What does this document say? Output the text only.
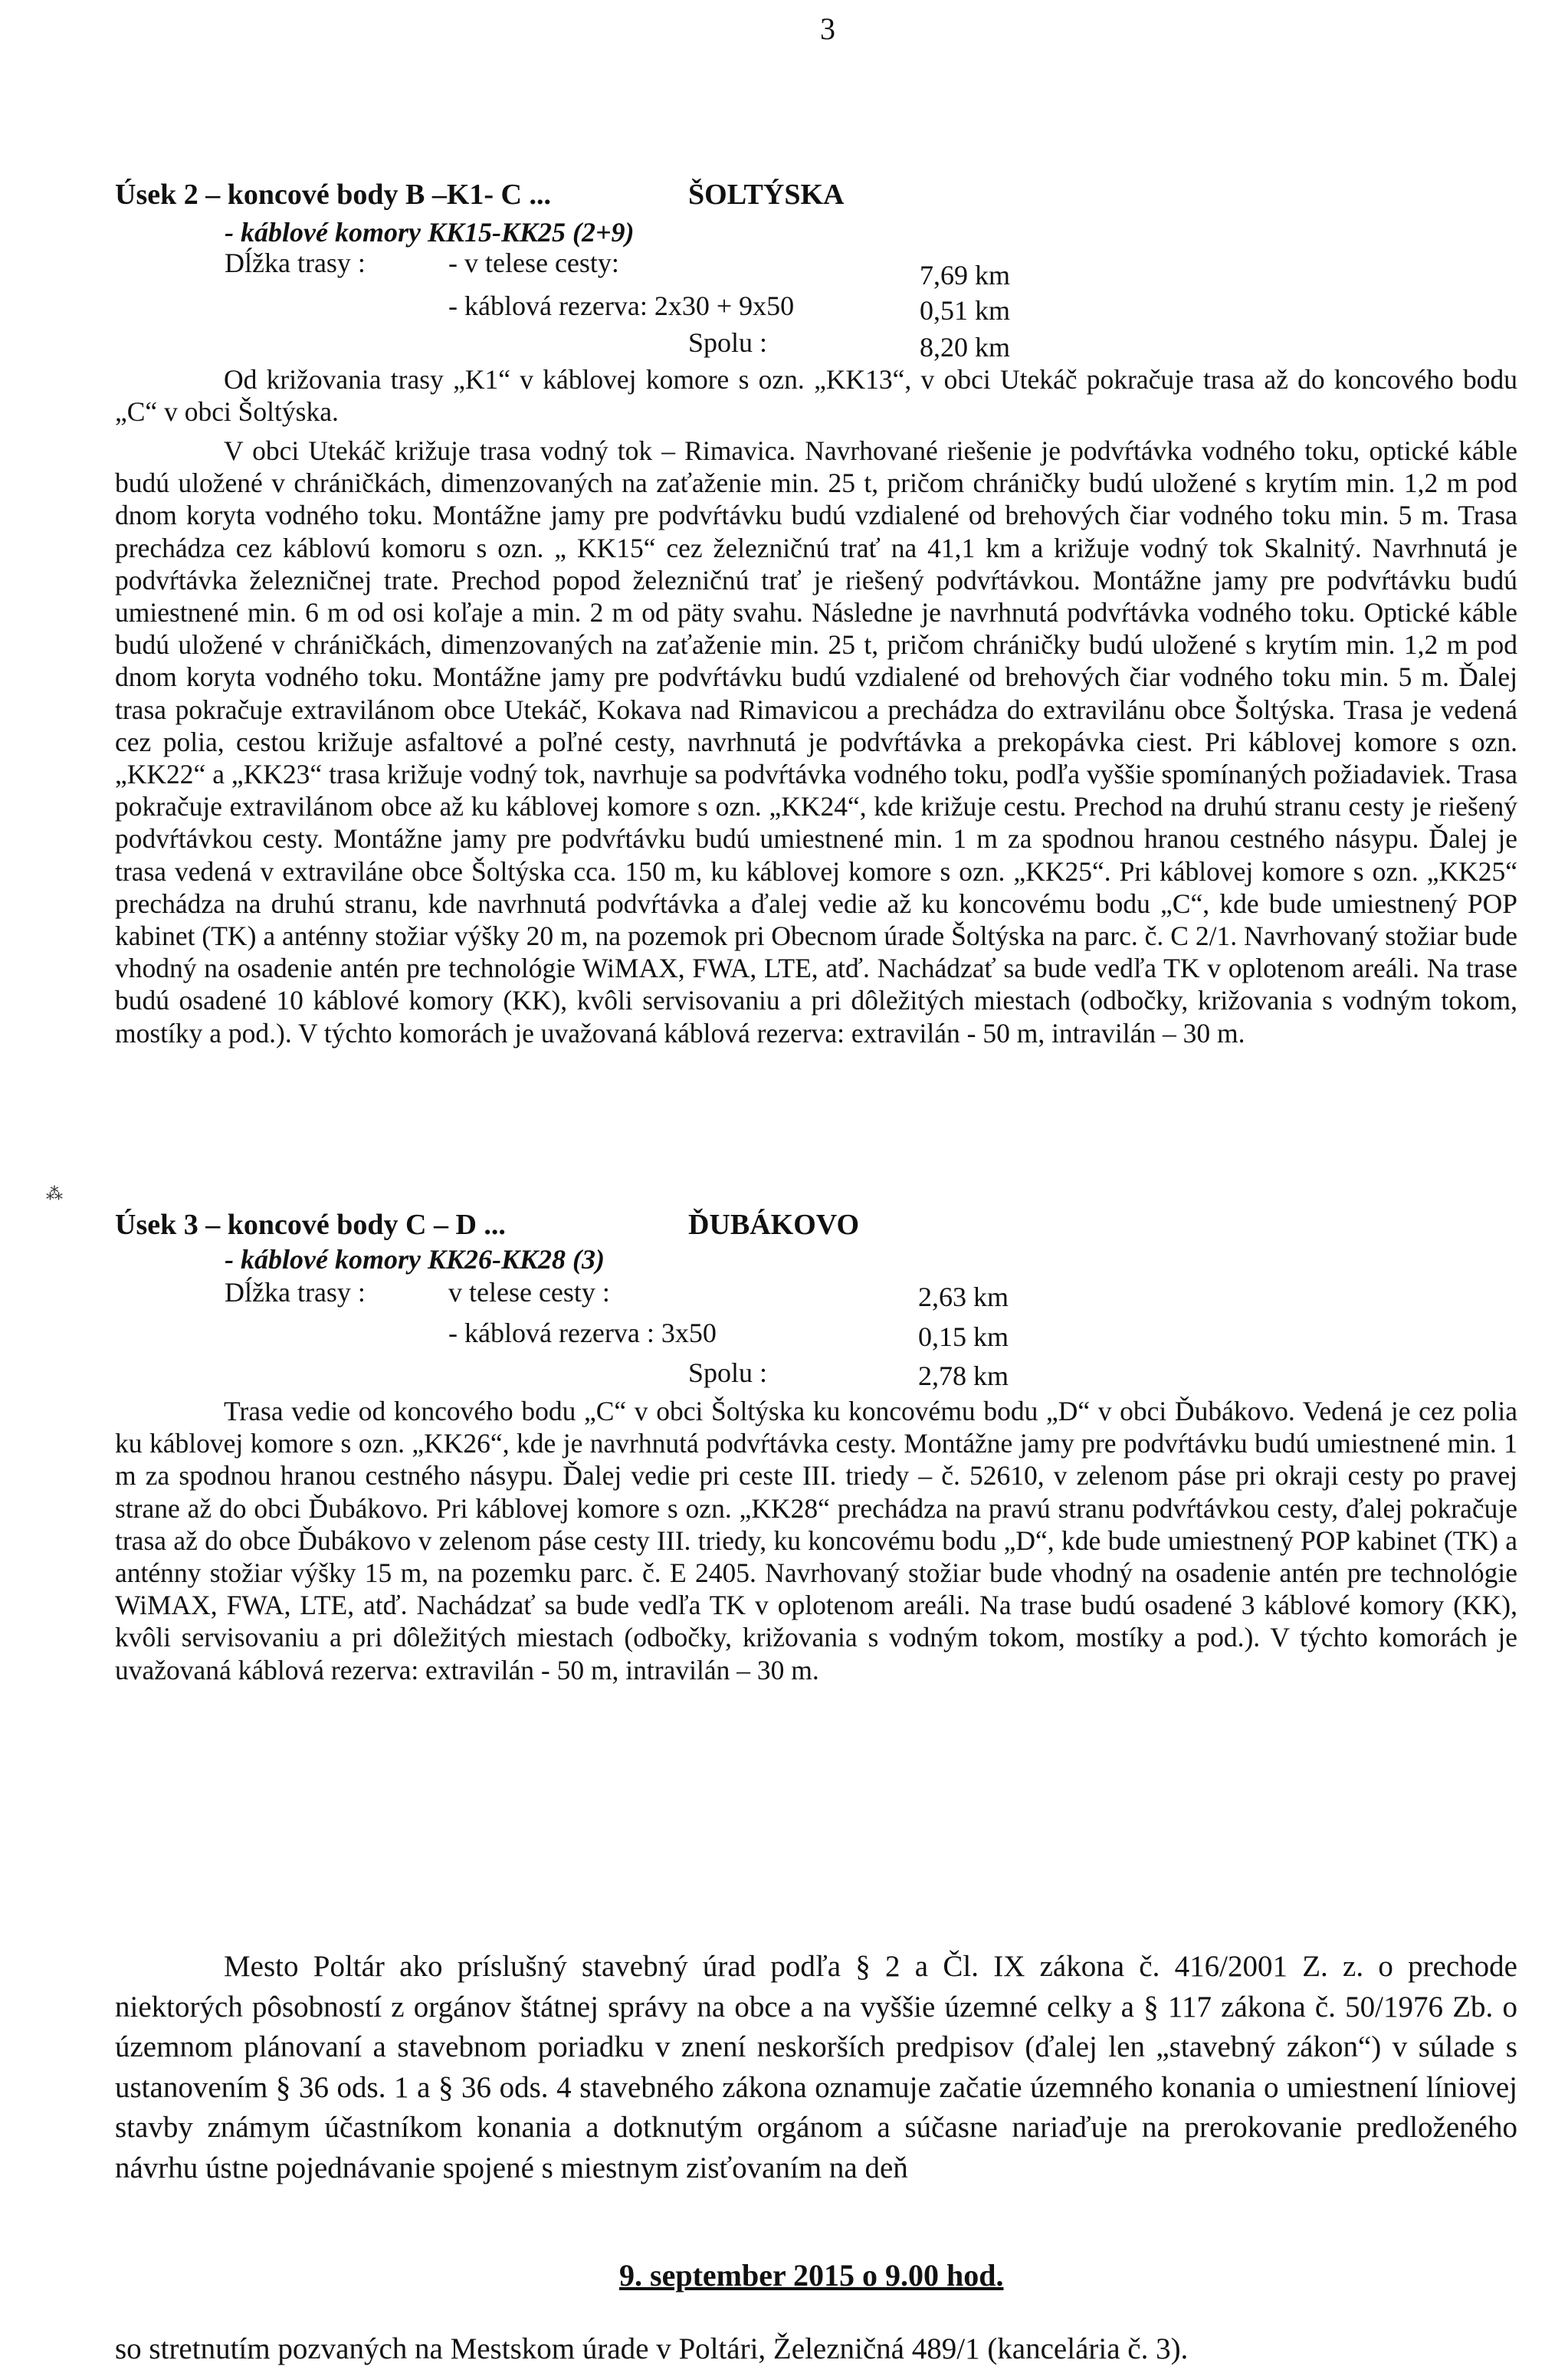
3
Úsek 2 – koncové body B –K1- C ...	ŠOLTÝSKA
- káblové komory KK15-KK25 (2+9)
Dĺžka trasy :	- v telese cesty:	7,69 km
- káblová rezerva: 2x30 + 9x50	0,51 km
Spolu :	8,20 km
Od križovania trasy „K1“ v káblovej komore s ozn. „KK13“, v obci Utekáč pokračuje trasa až do koncového bodu „C“ v obci Šoltýska.
V obci Utekáč križuje trasa vodný tok – Rimavica. Navrhované riešenie je podvŕtávka vodného toku, optické káble budú uložené v chráničkách, dimenzovaných na zaťaženie min. 25 t, pričom chráničky budú uložené s krytím min. 1,2 m pod dnom koryta vodného toku. Montážne jamy pre podvŕtávku budú vzdialené od brehových čiar vodného toku min. 5 m. Trasa prechádza cez káblovú komoru s ozn. „ KK15“ cez železničnú trať na 41,1 km a križuje vodný tok Skalnitý. Navrhnutá je podvŕtávka železničnej trate. Prechod popod železničnú trať je riešený podvŕtávkou. Montážne jamy pre podvŕtávku budú umiestnené min. 6 m od osi koľaje a min. 2 m od päty svahu. Následne je navrhnutá podvŕtávka vodného toku. Optické káble budú uložené v chráničkách, dimenzovaných na zaťaženie min. 25 t, pričom chráničky budú uložené s krytím min. 1,2 m pod dnom koryta vodného toku. Montážne jamy pre podvŕtávku budú vzdialené od brehových čiar vodného toku min. 5 m. Ďalej trasa pokračuje extravilánom obce Utekáč, Kokava nad Rimavicou a prechádza do extravilánu obce Šoltýska. Trasa je vedená cez polia, cestou križuje asfaltové a poľné cesty, navrhnutá je podvŕtávka a prekopávka ciest. Pri káblovej komore s ozn. „KK22“ a „KK23“ trasa križuje vodný tok, navrhuje sa podvŕtávka vodného toku, podľa vyššie spomínaných požiadaviek. Trasa pokračuje extravilánom obce až ku káblovej komore s ozn. „KK24“, kde križuje cestu. Prechod na druhú stranu cesty je riešený podvŕtávkou cesty. Montážne jamy pre podvŕtávku budú umiestnené min. 1 m za spodnou hranou cestného násypu. Ďalej je trasa vedená v extraviláne obce Šoltýska cca. 150 m, ku káblovej komore s ozn. „KK25“. Pri káblovej komore s ozn. „KK25“ prechádza na druhú stranu, kde navrhnutá podvŕtávka a ďalej vedie až ku koncovému bodu „C“, kde bude umiestnený POP kabinet (TK) a anténny stožiar výšky 20 m, na pozemok pri Obecnom úrade Šoltýska na parc. č. C 2/1. Navrhovaný stožiar bude vhodný na osadenie antén pre technológie WiMAX, FWA, LTE, atď. Nachádzať sa bude vedľa TK v oplotenom areáli. Na trase budú osadené 10 káblové komory (KK), kvôli servisovaniu a pri dôležitých miestach (odbočky, križovania s vodným tokom, mostíky a pod.). V týchto komorách je uvažovaná káblová rezerva: extravilán - 50 m, intravilán – 30 m.
⁂
Úsek 3 – koncové body C – D ...	ĎUBÁKOVO
- káblové komory KK26-KK28 (3)
Dĺžka trasy :	v telese cesty :	2,63 km
- káblová rezerva : 3x50	0,15 km
Spolu :	2,78 km
Trasa vedie od koncového bodu „C“ v obci Šoltýska ku koncovému bodu „D“ v obci Ďubákovo. Vedená je cez polia ku káblovej komore s ozn. „KK26“, kde je navrhnutá podvŕtávka cesty. Montážne jamy pre podvŕtávku budú umiestnené min. 1 m za spodnou hranou cestného násypu. Ďalej vedie pri ceste III. triedy – č. 52610, v zelenom páse pri okraji cesty po pravej strane až do obci Ďubákovo. Pri káblovej komore s ozn. „KK28“ prechádza na pravú stranu podvŕtávkou cesty, ďalej pokračuje trasa až do obce Ďubákovo v zelenom páse cesty III. triedy, ku koncovému bodu „D“, kde bude umiestnený POP kabinet (TK) a anténny stožiar výšky 15 m, na pozemku parc. č. E 2405. Navrhovaný stožiar bude vhodný na osadenie antén pre technológie WiMAX, FWA, LTE, atď. Nachádzať sa bude vedľa TK v oplotenom areáli. Na trase budú osadené 3 káblové komory (KK), kvôli servisovaniu a pri dôležitých miestach (odbočky, križovania s vodným tokom, mostíky a pod.). V týchto komorách je uvažovaná káblová rezerva: extravilán - 50 m, intravilán – 30 m.
Mesto Poltár ako príslušný stavebný úrad podľa § 2 a Čl. IX zákona č. 416/2001 Z. z. o prechode niektorých pôsobností z orgánov štátnej správy na obce a na vyššie územné celky a § 117 zákona č. 50/1976 Zb. o územnom plánovaní a stavebnom poriadku v znení neskorších predpisov (ďalej len „stavebný zákon“) v súlade s ustanovením § 36 ods. 1 a § 36 ods. 4 stavebného zákona oznamuje začatie územného konania o umiestnení líniovej stavby známym účastníkom konania a dotknutým orgánom a súčasne nariaďuje na prerokovanie predloženého návrhu ústne pojednávanie spojené s miestnym zisťovaním na deň
9. september 2015 o 9.00 hod.
so stretnutím pozvaných na Mestskom úrade v Poltári, Železničná 489/1 (kancelária č. 3).
